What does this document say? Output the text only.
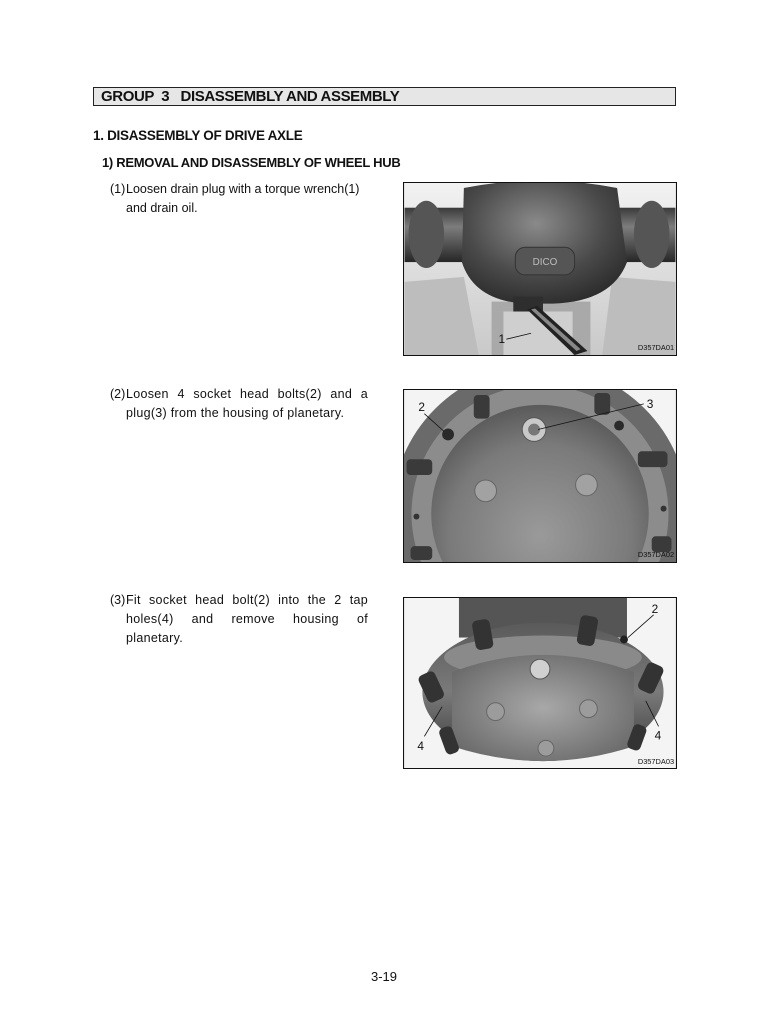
GROUP  3   DISASSEMBLY AND ASSEMBLY
1. DISASSEMBLY OF DRIVE AXLE
1) REMOVAL AND DISASSEMBLY OF WHEEL HUB
(1) Loosen drain plug with a torque wrench(1) and drain oil.
(2) Loosen 4 socket head bolts(2) and a plug(3) from the housing of planetary.
(3) Fit socket head bolt(2) into the 2 tap holes(4) and remove housing of planetary.
DICO
1
D357DA01
2	3
D357DA02
2
4
4
D357DA03
3-19
